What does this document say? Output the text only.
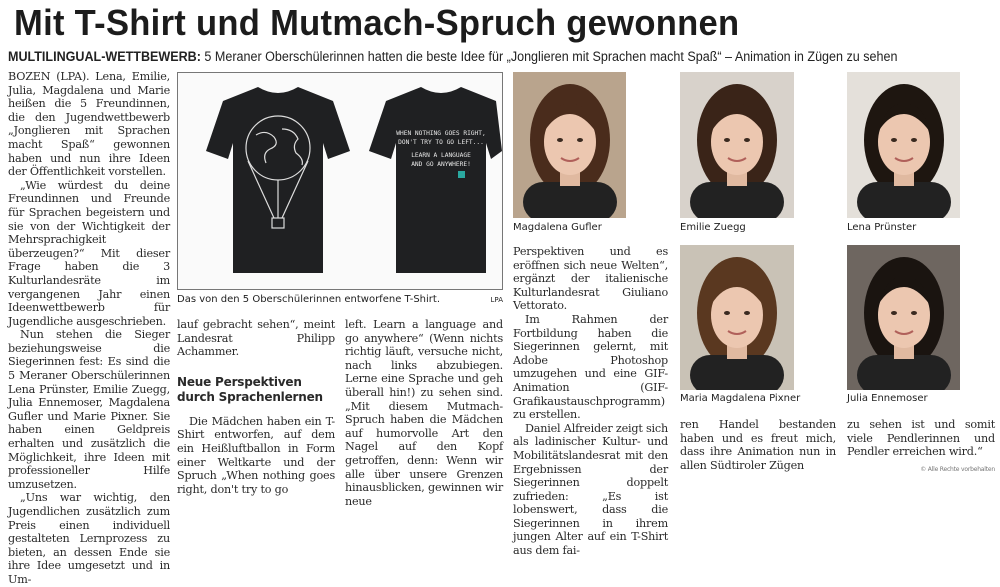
Mit T-Shirt und Mutmach-Spruch gewonnen
MULTILINGUAL-WETTBEWERB: 5 Meraner Oberschülerinnen hatten die beste Idee für „Jonglieren mit Sprachen macht Spaß“ – Animation in Zügen zu sehen

BOZEN (LPA). Lena, Emilie, Julia, Magdalena und Marie heißen die 5 Freundinnen, die den Jugendwettbewerb „Jonglieren mit Sprachen macht Spaß“ gewonnen haben und nun ihre Ideen der Öffentlichkeit vorstellen.

„Wie würdest du deine Freundinnen und Freunde für Sprachen begeistern und sie von der Wichtigkeit der Mehrsprachigkeit überzeugen?“ Mit dieser Frage haben die 3 Kulturlandesräte im vergangenen Jahr einen Ideenwettbewerb für Jugendliche ausgeschrieben.

Nun stehen die Sieger beziehungsweise die Siegerinnen fest: Es sind die 5 Meraner Oberschülerinnen Lena Prünster, Emilie Zuegg, Julia Ennemoser, Magdalena Gufler und Marie Pixner. Sie haben einen Geldpreis erhalten und zusätzlich die Möglichkeit, ihre Ideen mit professioneller Hilfe umzusetzen.

„Uns war wichtig, den Jugendlichen zusätzlich zum Preis einen individuell gestalteten Lernprozess zu bieten, an dessen Ende sie ihre Idee umgesetzt und in Um-

WHEN NOTHING GOES RIGHT,
DON'T TRY TO GO LEFT...
LEARN A LANGUAGE
AND GO ANYWHERE!
Das von den 5 Oberschülerinnen entworfene T-Shirt.	LPA

lauf gebracht sehen“, meint Landesrat Philipp Achammer.

Neue Perspektiven durch Sprachenlernen

Die Mädchen haben ein T-Shirt entworfen, auf dem ein Heißluftballon in Form einer Weltkarte und der Spruch „When nothing goes right, don't try to go

left. Learn a language and go anywhere“ (Wenn nichts richtig läuft, versuche nicht, nach links abzubiegen. Lerne eine Sprache und geh überall hin!) zu sehen sind. „Mit diesem Mutmach-Spruch haben die Mädchen auf humorvolle Art den Nagel auf den Kopf getroffen, denn: Wenn wir alle über unsere Grenzen hinausblicken, gewinnen wir neue

Magdalena Gufler	Emilie Zuegg	Lena Prünster
Maria Magdalena Pixner	Julia Ennemoser

Perspektiven und es eröffnen sich neue Welten“, ergänzt der italienische Kulturlandesrat Giuliano Vettorato.

Im Rahmen der Fortbildung haben die Siegerinnen gelernt, mit Adobe Photoshop umzugehen und eine GIF-Animation (GIF-Grafikaustauschprogramm) zu erstellen.

Daniel Alfreider zeigt sich als ladinischer Kultur- und Mobilitätslandesrat mit den Ergebnissen der Siegerinnen doppelt zufrieden: „Es ist lobenswert, dass die Siegerinnen in ihrem jungen Alter auf ein T-Shirt aus dem fai-

ren Handel bestanden haben und es freut mich, dass ihre Animation nun in allen Südtiroler Zügen

zu sehen ist und somit viele Pendlerinnen und Pendler erreichen wird.“
© Alle Rechte vorbehalten
